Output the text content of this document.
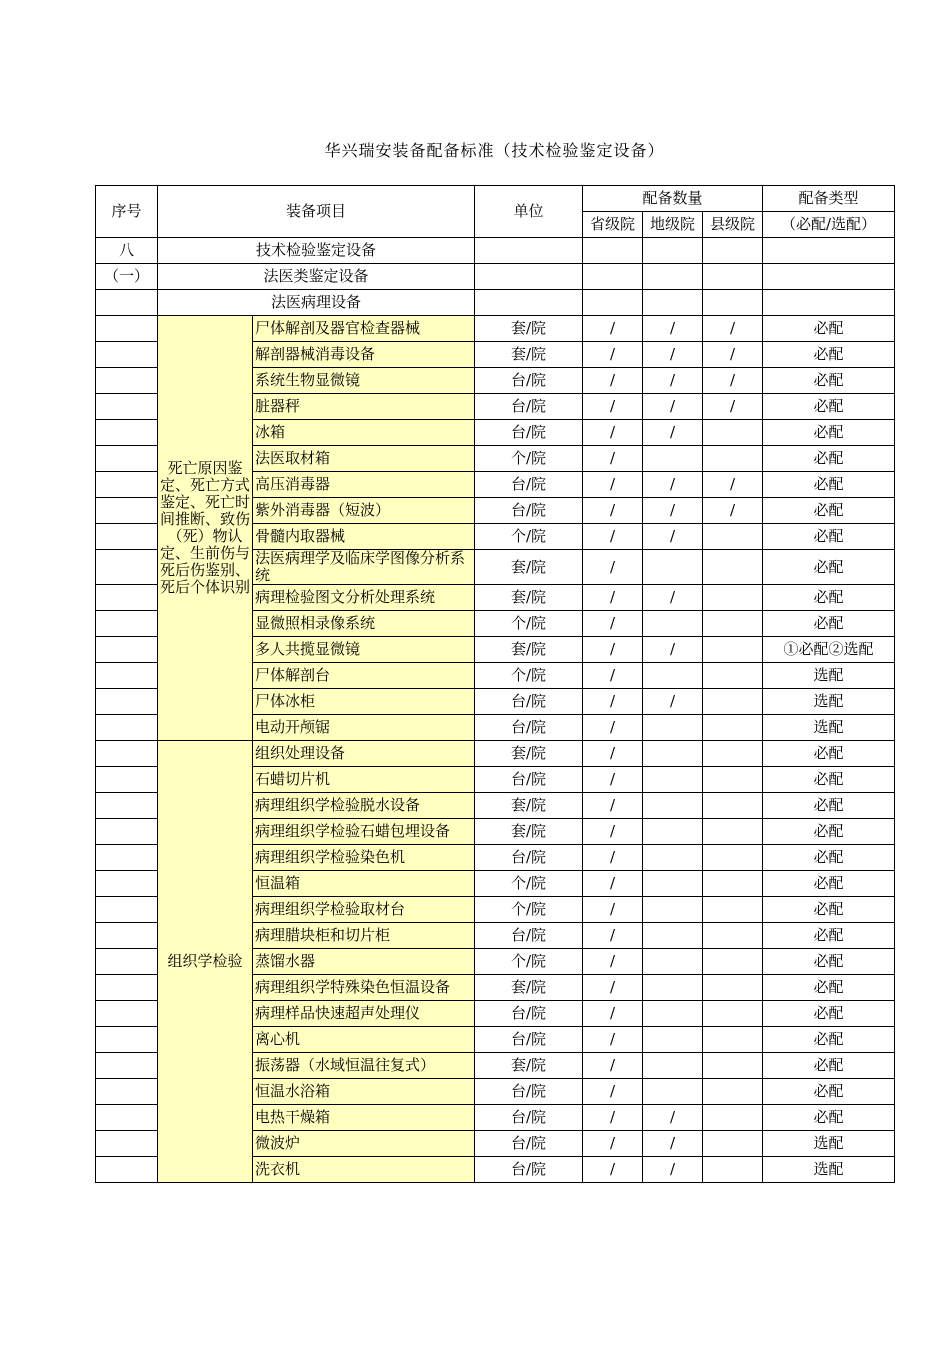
华兴瑞安装备配备标准（技术检验鉴定设备）
序号	装备项目		单位	配备数量			配备类型
				省级院	地级院	县级院	（必配/选配）
八	技术检验鉴定设备						
（一）	法医类鉴定设备						
	法医病理设备						
	死亡原因鉴定、死亡方式鉴定、死亡时间推断、致伤（死）物认定、生前伤与死后伤鉴别、死后个体识别	尸体解剖及器官检查器械	套/院	/	/	/	必配
		解剖器械消毒设备	套/院	/	/	/	必配
		系统生物显微镜	台/院	/	/	/	必配
		脏器秤	台/院	/	/	/	必配
		冰箱	台/院	/	/		必配
		法医取材箱	个/院	/			必配
		高压消毒器	台/院	/	/	/	必配
		紫外消毒器（短波）	台/院	/	/	/	必配
		骨髓内取器械	个/院	/	/		必配
		法医病理学及临床学图像分析系统	套/院	/			必配
		病理检验图文分析处理系统	套/院	/	/		必配
		显微照相录像系统	个/院	/			必配
		多人共揽显微镜	套/院	/	/		①必配②选配
		尸体解剖台	个/院	/			选配
		尸体冰柜	台/院	/	/		选配
		电动开颅锯	台/院	/			选配
	组织学检验	组织处理设备	套/院	/			必配
		石蜡切片机	台/院	/			必配
		病理组织学检验脱水设备	套/院	/			必配
		病理组织学检验石蜡包埋设备	套/院	/			必配
		病理组织学检验染色机	台/院	/			必配
		恒温箱	个/院	/			必配
		病理组织学检验取材台	个/院	/			必配
		病理腊块柜和切片柜	台/院	/			必配
		蒸馏水器	个/院	/			必配
		病理组织学特殊染色恒温设备	套/院	/			必配
		病理样品快速超声处理仪	台/院	/			必配
		离心机	台/院	/			必配
		振荡器（水域恒温往复式）	套/院	/			必配
		恒温水浴箱	台/院	/			必配
		电热干燥箱	台/院	/	/		必配
		微波炉	台/院	/	/		选配
		洗衣机	台/院	/	/		选配
